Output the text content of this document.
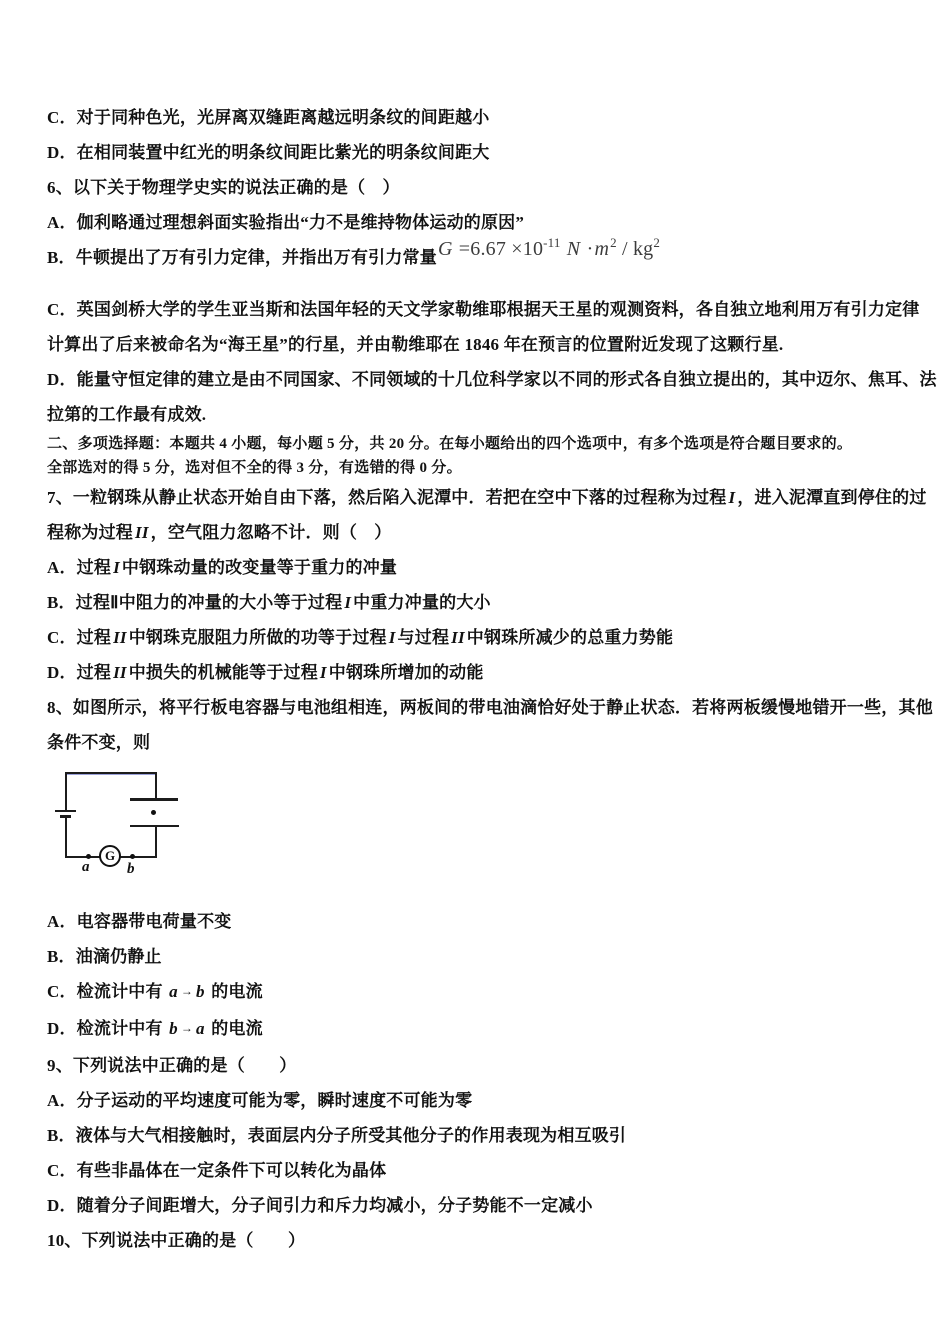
C．对于同种色光，光屏离双缝距离越远明条纹的间距越小
D．在相同装置中红光的明条纹间距比紫光的明条纹间距大
6、以下关于物理学史实的说法正确的是（　）
A．伽利略通过理想斜面实验指出“力不是维持物体运动的原因”
B．牛顿提出了万有引力定律，并指出万有引力常量$G =6.67 \times 10^{-11}$ $N \cdot m^2 / kg^2$
C．英国剑桥大学的学生亚当斯和法国年轻的天文学家勒维耶根据天王星的观测资料，各自独立地利用万有引力定律
计算出了后来被命名为“海王星”的行星，并由勒维耶在 1846 年在预言的位置附近发现了这颗行星.
D．能量守恒定律的建立是由不同国家、不同领域的十几位科学家以不同的形式各自独立提出的，其中迈尔、焦耳、法
拉第的工作最有成效.
二、多项选择题：本题共 4 小题，每小题 5 分，共 20 分。在每小题给出的四个选项中，有多个选项是符合题目要求的。
全部选对的得 5 分，选对但不全的得 3 分，有选错的得 0 分。
7、一粒钢珠从静止状态开始自由下落，然后陷入泥潭中．若把在空中下落的过程称为过程 I ，进入泥潭直到停住的过
程称为过程 II ，空气阻力忽略不计．则（　）
A．过程 I 中钢珠动量的改变量等于重力的冲量
B．过程Ⅱ中阻力的冲量的大小等于过程 I 中重力冲量的大小
C．过程 II 中钢珠克服阻力所做的功等于过程 I 与过程 II 中钢珠所减少的总重力势能
D．过程 II 中损失的机械能等于过程 I 中钢珠所增加的动能
8、如图所示，将平行板电容器与电池组相连，两板间的带电油滴恰好处于静止状态．若将两板缓慢地错开一些，其他
条件不变，则
G
a	b
A．电容器带电荷量不变
B．油滴仍静止
C．检流计中有 a → b 的电流
D．检流计中有 b → a 的电流
9、下列说法中正确的是（　　）
A．分子运动的平均速度可能为零，瞬时速度不可能为零
B．液体与大气相接触时，表面层内分子所受其他分子的作用表现为相互吸引
C．有些非晶体在一定条件下可以转化为晶体
D．随着分子间距增大，分子间引力和斥力均减小，分子势能不一定减小
10、下列说法中正确的是（　　）
